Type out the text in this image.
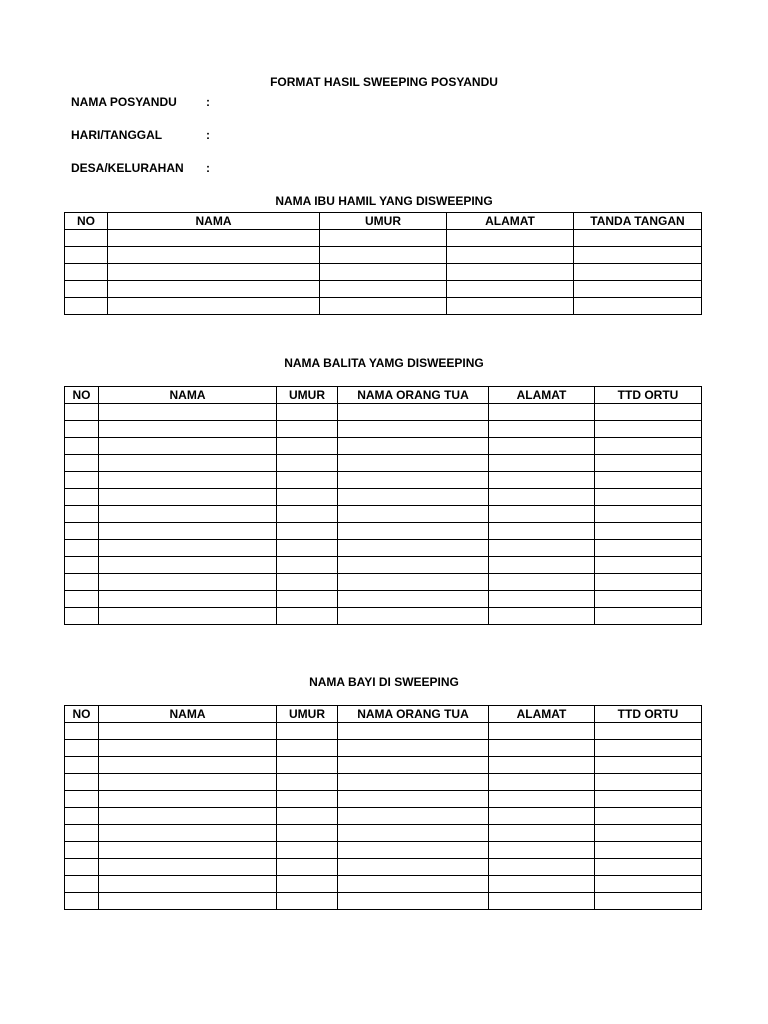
FORMAT HASIL SWEEPING POSYANDU
NAMA POSYANDU :
HARI/TANGGAL	:
DESA/KELURAHAN :
NAMA IBU HAMIL YANG DISWEEPING
NO	NAMA	UMUR	ALAMAT	TANDA TANGAN

NAMA BALITA YAMG DISWEEPING
NO	NAMA	UMUR	NAMA ORANG TUA	ALAMAT	TTD ORTU

NAMA BAYI DI SWEEPING
NO	NAMA	UMUR	NAMA ORANG TUA	ALAMAT	TTD ORTU
